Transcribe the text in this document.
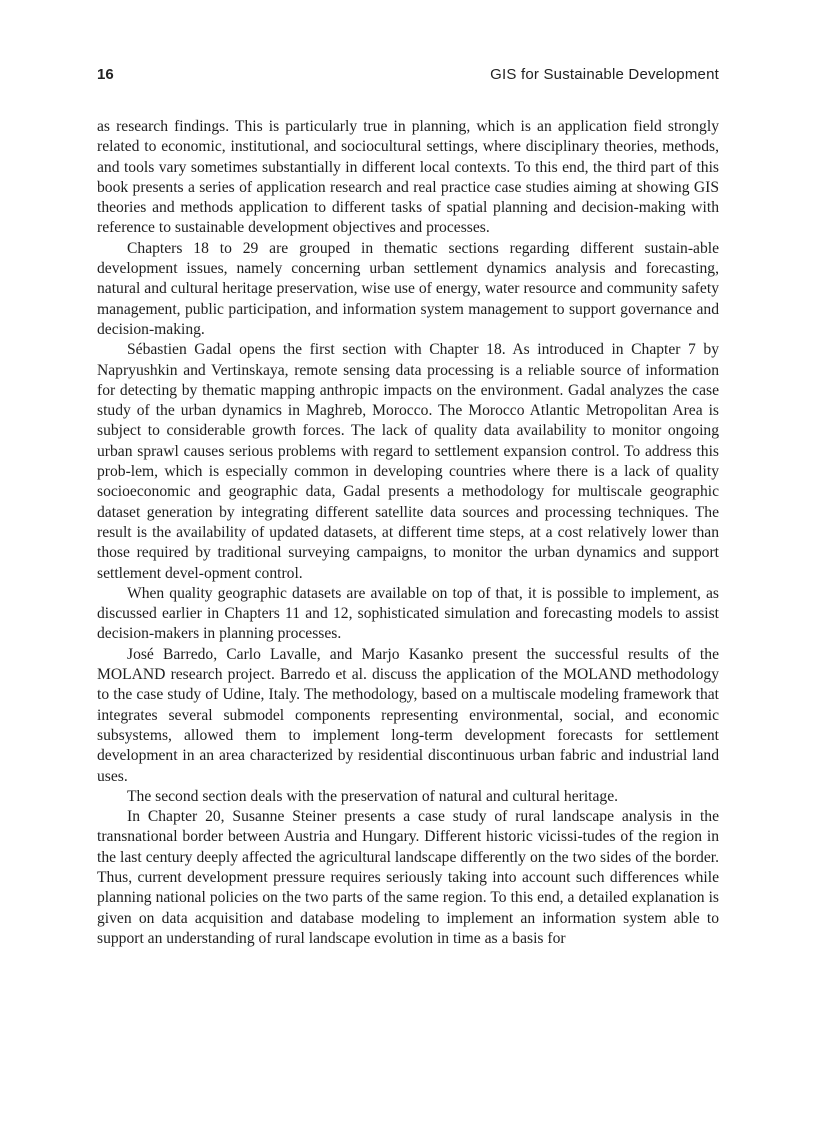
16	GIS for Sustainable Development

as research findings. This is particularly true in planning, which is an application field strongly related to economic, institutional, and sociocultural settings, where disciplinary theories, methods, and tools vary sometimes substantially in different local contexts. To this end, the third part of this book presents a series of application research and real practice case studies aiming at showing GIS theories and methods application to different tasks of spatial planning and decision-making with reference to sustainable development objectives and processes.

Chapters 18 to 29 are grouped in thematic sections regarding different sustain-able development issues, namely concerning urban settlement dynamics analysis and forecasting, natural and cultural heritage preservation, wise use of energy, water resource and community safety management, public participation, and information system management to support governance and decision-making.

Sébastien Gadal opens the first section with Chapter 18. As introduced in Chapter 7 by Napryushkin and Vertinskaya, remote sensing data processing is a reliable source of information for detecting by thematic mapping anthropic impacts on the environment. Gadal analyzes the case study of the urban dynamics in Maghreb, Morocco. The Morocco Atlantic Metropolitan Area is subject to considerable growth forces. The lack of quality data availability to monitor ongoing urban sprawl causes serious problems with regard to settlement expansion control. To address this prob-lem, which is especially common in developing countries where there is a lack of quality socioeconomic and geographic data, Gadal presents a methodology for multiscale geographic dataset generation by integrating different satellite data sources and processing techniques. The result is the availability of updated datasets, at different time steps, at a cost relatively lower than those required by traditional surveying campaigns, to monitor the urban dynamics and support settlement devel-opment control.

When quality geographic datasets are available on top of that, it is possible to implement, as discussed earlier in Chapters 11 and 12, sophisticated simulation and forecasting models to assist decision-makers in planning processes.

José Barredo, Carlo Lavalle, and Marjo Kasanko present the successful results of the MOLAND research project. Barredo et al. discuss the application of the MOLAND methodology to the case study of Udine, Italy. The methodology, based on a multiscale modeling framework that integrates several submodel components representing environmental, social, and economic subsystems, allowed them to implement long-term development forecasts for settlement development in an area characterized by residential discontinuous urban fabric and industrial land uses.

The second section deals with the preservation of natural and cultural heritage.

In Chapter 20, Susanne Steiner presents a case study of rural landscape analysis in the transnational border between Austria and Hungary. Different historic vicissi-tudes of the region in the last century deeply affected the agricultural landscape differently on the two sides of the border. Thus, current development pressure requires seriously taking into account such differences while planning national policies on the two parts of the same region. To this end, a detailed explanation is given on data acquisition and database modeling to implement an information system able to support an understanding of rural landscape evolution in time as a basis for
